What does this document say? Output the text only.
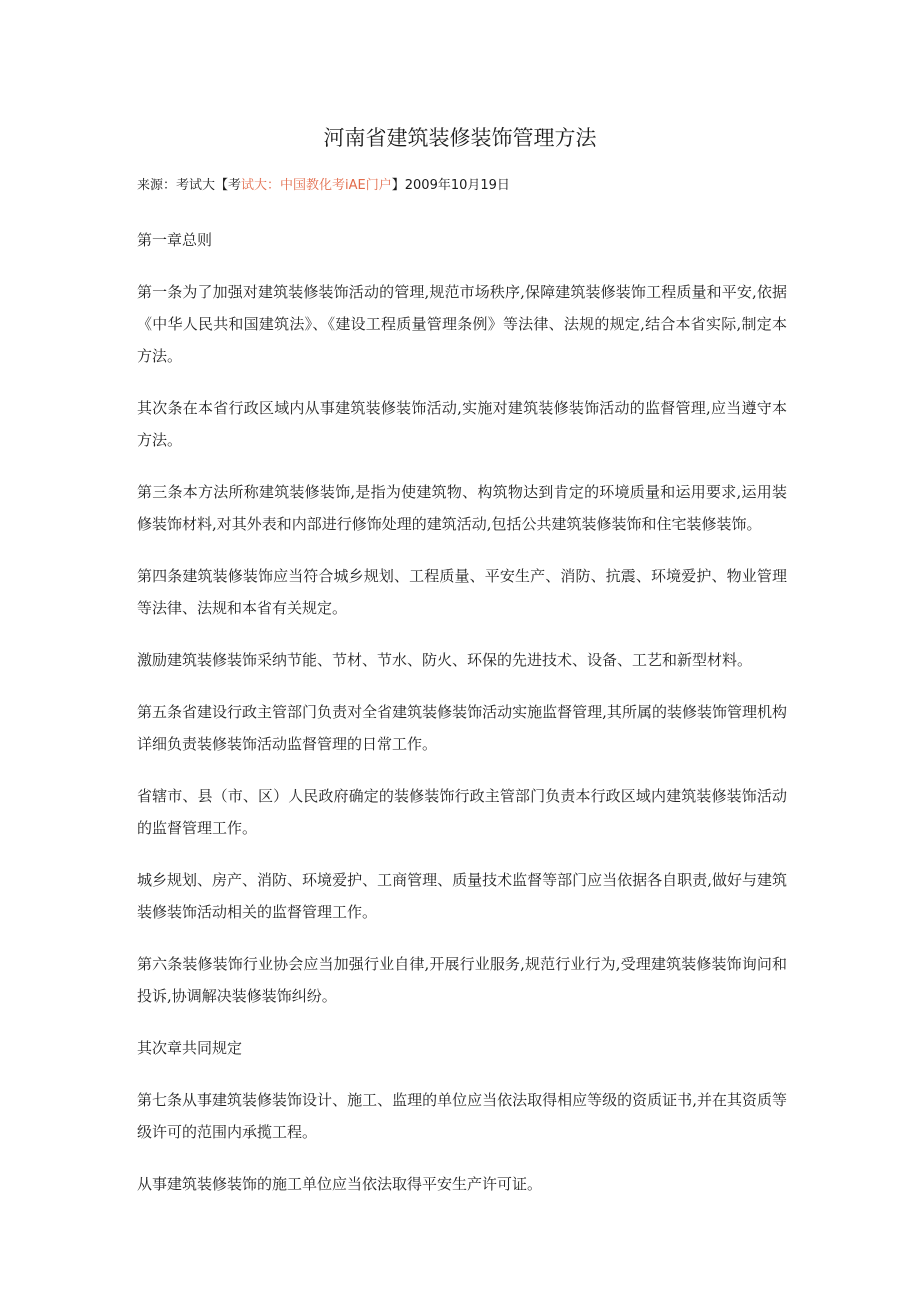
河南省建筑装修装饰管理方法
来源：考试大【考试大：中国教化考iAE门户】2009年10月19日

第一章总则

第一条为了加强对建筑装修装饰活动的管理,规范市场秩序,保障建筑装修装饰工程质量和平安,依据《中华人民共和国建筑法》、《建设工程质量管理条例》等法律、法规的规定,结合本省实际,制定本方法。

其次条在本省行政区域内从事建筑装修装饰活动,实施对建筑装修装饰活动的监督管理,应当遵守本方法。

第三条本方法所称建筑装修装饰,是指为使建筑物、构筑物达到肯定的环境质量和运用要求,运用装修装饰材料,对其外表和内部进行修饰处理的建筑活动,包括公共建筑装修装饰和住宅装修装饰。

第四条建筑装修装饰应当符合城乡规划、工程质量、平安生产、消防、抗震、环境爱护、物业管理等法律、法规和本省有关规定。

激励建筑装修装饰采纳节能、节材、节水、防火、环保的先进技术、设备、工艺和新型材料。

第五条省建设行政主管部门负责对全省建筑装修装饰活动实施监督管理,其所属的装修装饰管理机构详细负责装修装饰活动监督管理的日常工作。

省辖市、县（市、区）人民政府确定的装修装饰行政主管部门负责本行政区域内建筑装修装饰活动的监督管理工作。

城乡规划、房产、消防、环境爱护、工商管理、质量技术监督等部门应当依据各自职责,做好与建筑装修装饰活动相关的监督管理工作。

第六条装修装饰行业协会应当加强行业自律,开展行业服务,规范行业行为,受理建筑装修装饰询问和投诉,协调解决装修装饰纠纷。

其次章共同规定

第七条从事建筑装修装饰设计、施工、监理的单位应当依法取得相应等级的资质证书,并在其资质等级许可的范围内承揽工程。

从事建筑装修装饰的施工单位应当依法取得平安生产许可证。
